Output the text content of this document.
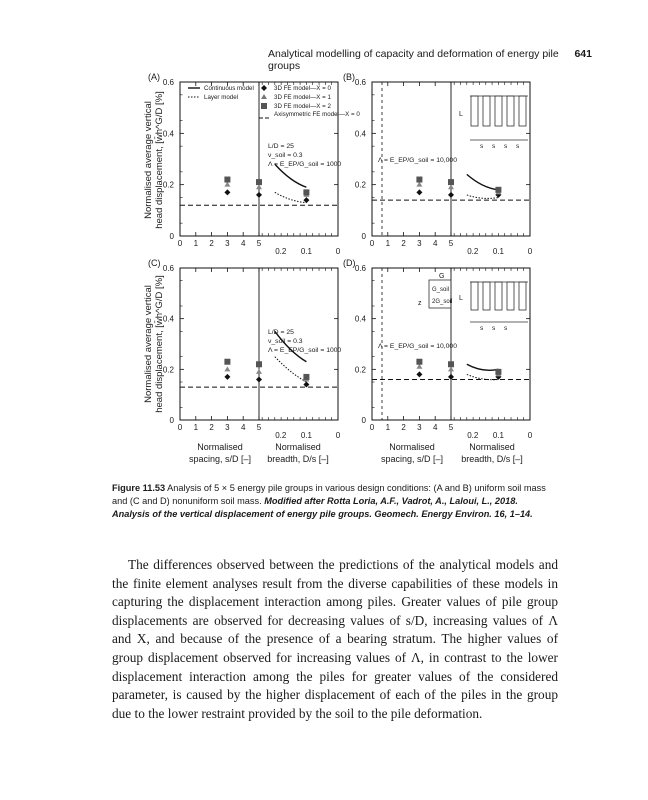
Analytical modelling of capacity and deformation of energy pile groups
641
Normalised average vertical head displacement, [w̄h^G/D [%]
Normalised average vertical head displacement, [w̄h^G/D [%]
(A)
0
0.2
0.4
0.6
0 1 2 3 4 5
0.2 0.1	0
L/D = 25
ν_soil = 0.3
Λ = E_EP/G_soil = 1000
(B)
0
0.2
0.4
0.6
0 1 2 3 4 5
0.2 0.1	0
Λ = E_EP/G_soil = 10,000
(C)
0
0.2
0.4
0.6
0 1 2 3 4 5
0.2 0.1	0
L/D = 25
ν_soil = 0.3
Λ = E_EP/G_soil = 1000
(D)
0
0.2
0.4
0.6
0 1 2 3 4 5
0.2 0.1	0
Λ = E_EP/G_soil = 10,000
Continuous model
Layer model
3D FE model—X = 0
3D FE model—X = 1
3D FE model—X = 2
Axisymmetric FE model—X = 0	L
s s s s
G
G_soil
2G_soil
z
L
s s s
Normalised
spacing, s/D [–]
Normalised
breadth, D/s [–]
Normalised
spacing, s/D [–]
Normalised
breadth, D/s [–]
Figure 11.53 Analysis of 5 × 5 energy pile groups in various design conditions: (A and B) uniform soil mass and (C and D) nonuniform soil mass. Modified after Rotta Loria, A.F., Vadrot, A., Laloui, L., 2018. Analysis of the vertical displacement of energy pile groups. Geomech. Energy Environ. 16, 1–14.

The differences observed between the predictions of the analytical models and the finite element analyses result from the diverse capabilities of these models in capturing the displacement interaction among piles. Greater values of pile group displacements are observed for decreasing values of s/D, increasing values of Λ and X, and because of the presence of a bearing stratum. The higher values of group displacement observed for increasing values of Λ, in contrast to the lower displacement interaction among the piles for greater values of the considered parameter, is caused by the higher displacement of each of the piles in the group due to the lower restraint provided by the soil to the pile deformation.
